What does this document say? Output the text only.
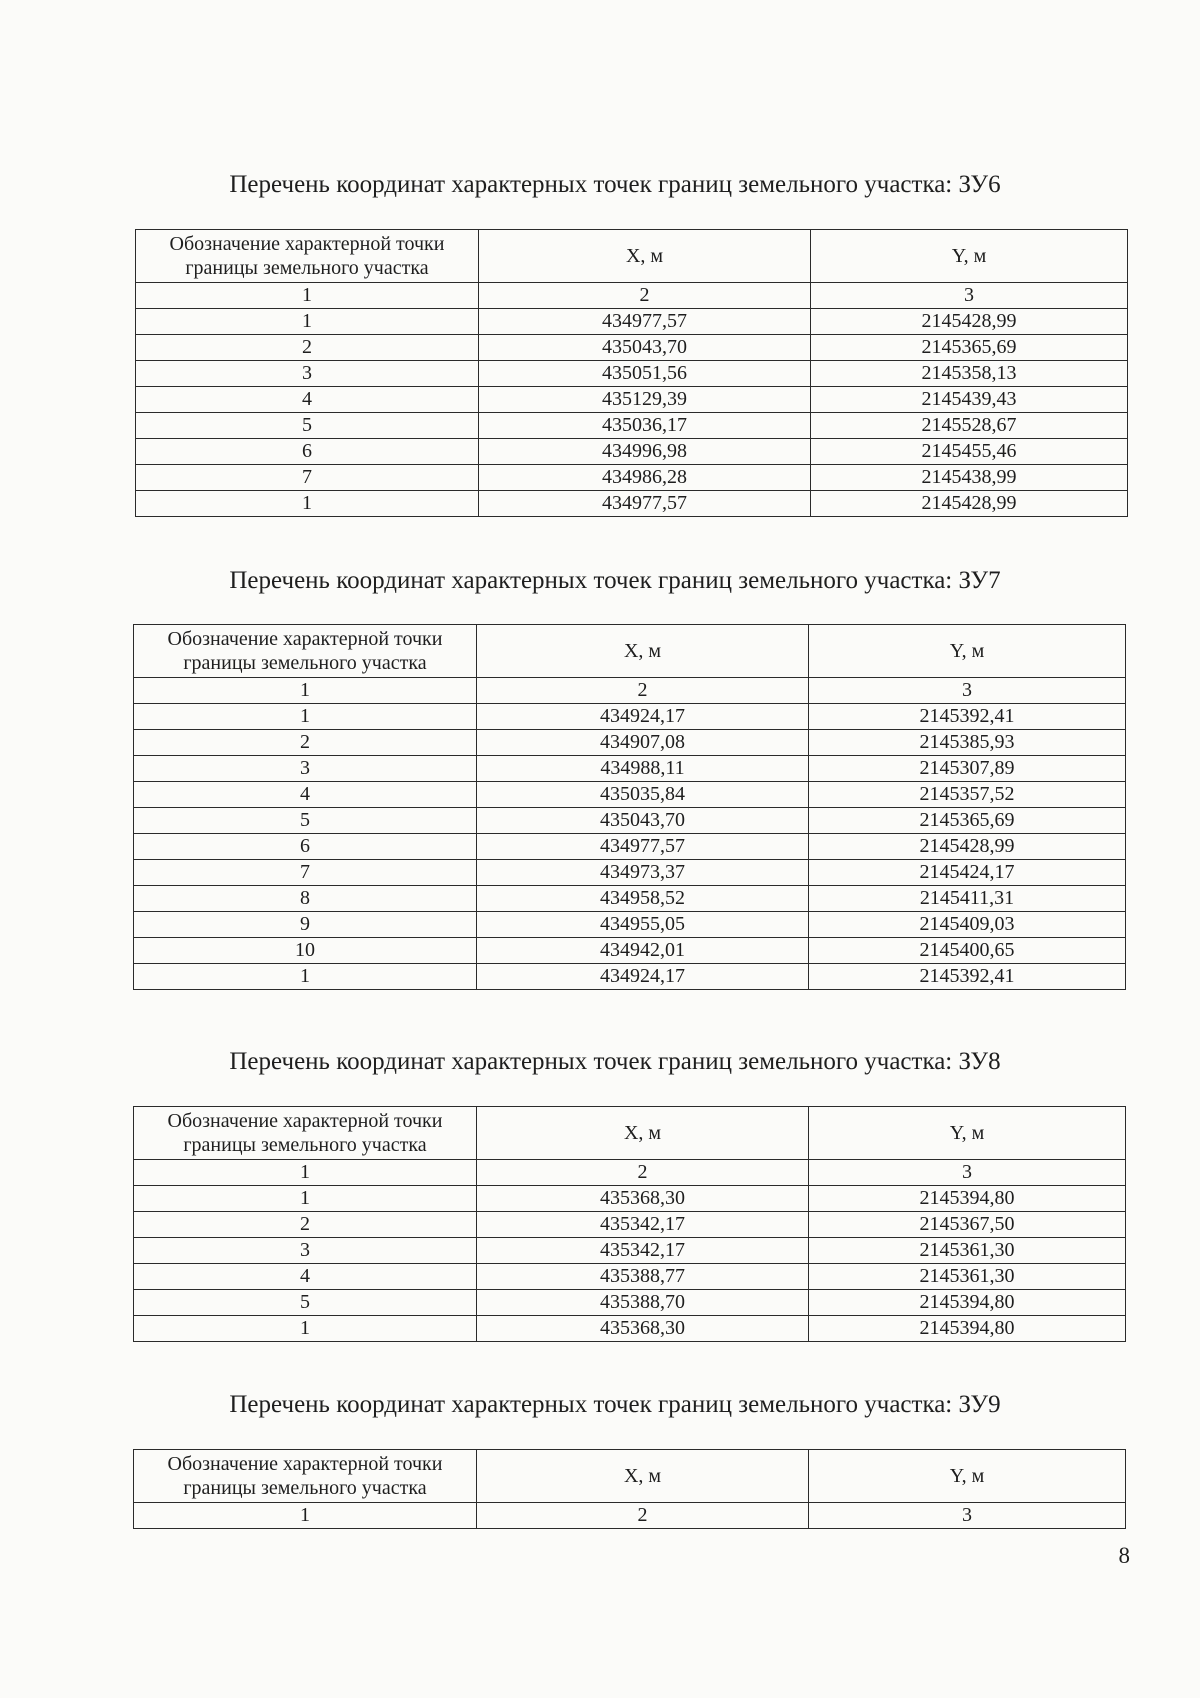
Перечень координат характерных точек границ земельного участка: ЗУ6
Обозначение характерной точки границы земельного участка	X, м	Y, м
1	2	3
1	434977,57	2145428,99
2	435043,70	2145365,69
3	435051,56	2145358,13
4	435129,39	2145439,43
5	435036,17	2145528,67
6	434996,98	2145455,46
7	434986,28	2145438,99
1	434977,57	2145428,99
Перечень координат характерных точек границ земельного участка: ЗУ7
Обозначение характерной точки границы земельного участка	X, м	Y, м
1	2	3
1	434924,17	2145392,41
2	434907,08	2145385,93
3	434988,11	2145307,89
4	435035,84	2145357,52
5	435043,70	2145365,69
6	434977,57	2145428,99
7	434973,37	2145424,17
8	434958,52	2145411,31
9	434955,05	2145409,03
10	434942,01	2145400,65
1	434924,17	2145392,41
Перечень координат характерных точек границ земельного участка: ЗУ8
Обозначение характерной точки границы земельного участка	X, м	Y, м
1	2	3
1	435368,30	2145394,80
2	435342,17	2145367,50
3	435342,17	2145361,30
4	435388,77	2145361,30
5	435388,70	2145394,80
1	435368,30	2145394,80
Перечень координат характерных точек границ земельного участка: ЗУ9
Обозначение характерной точки границы земельного участка	X, м	Y, м
1	2	3
8
